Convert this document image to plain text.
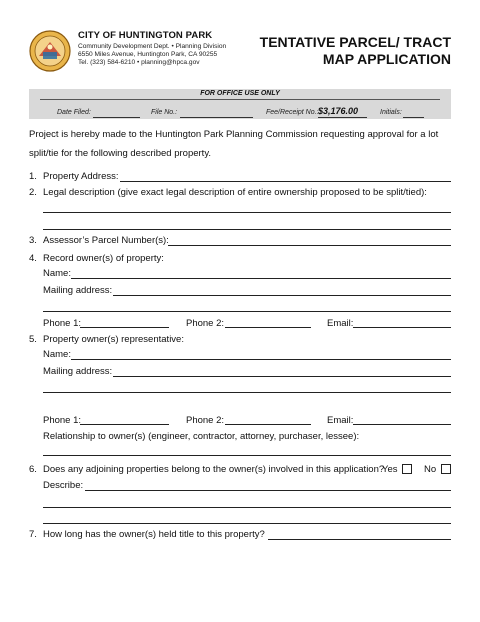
CITY OF HUNTINGTON PARK
Community Development Dept. • Planning Division
6550 Miles Avenue, Huntington Park, CA 90255
Tel. (323) 584-6210 • planning@hpca.gov
TENTATIVE PARCEL/ TRACT
MAP APPLICATION
FOR OFFICE USE ONLY
Date Filed:	File No.:	Fee/Receipt No.: $3,176.00	Initials:
Project is hereby made to the Huntington Park Planning Commission requesting approval for a lot split/tie for the following described property.
1. Property Address:
2. Legal description (give exact legal description of entire ownership proposed to be split/tied):
3. Assessor’s Parcel Number(s):
4. Record owner(s) of property:
Name:
Mailing address:
Phone 1:	Phone 2:	Email:
5. Property owner(s) representative:
Name:
Mailing address:
Phone 1:	Phone 2:	Email:
Relationship to owner(s) (engineer, contractor, attorney, purchaser, lessee):
6. Does any adjoining properties belong to the owner(s) involved in this application?
Yes	No
Describe:
7. How long has the owner(s) held title to this property?
